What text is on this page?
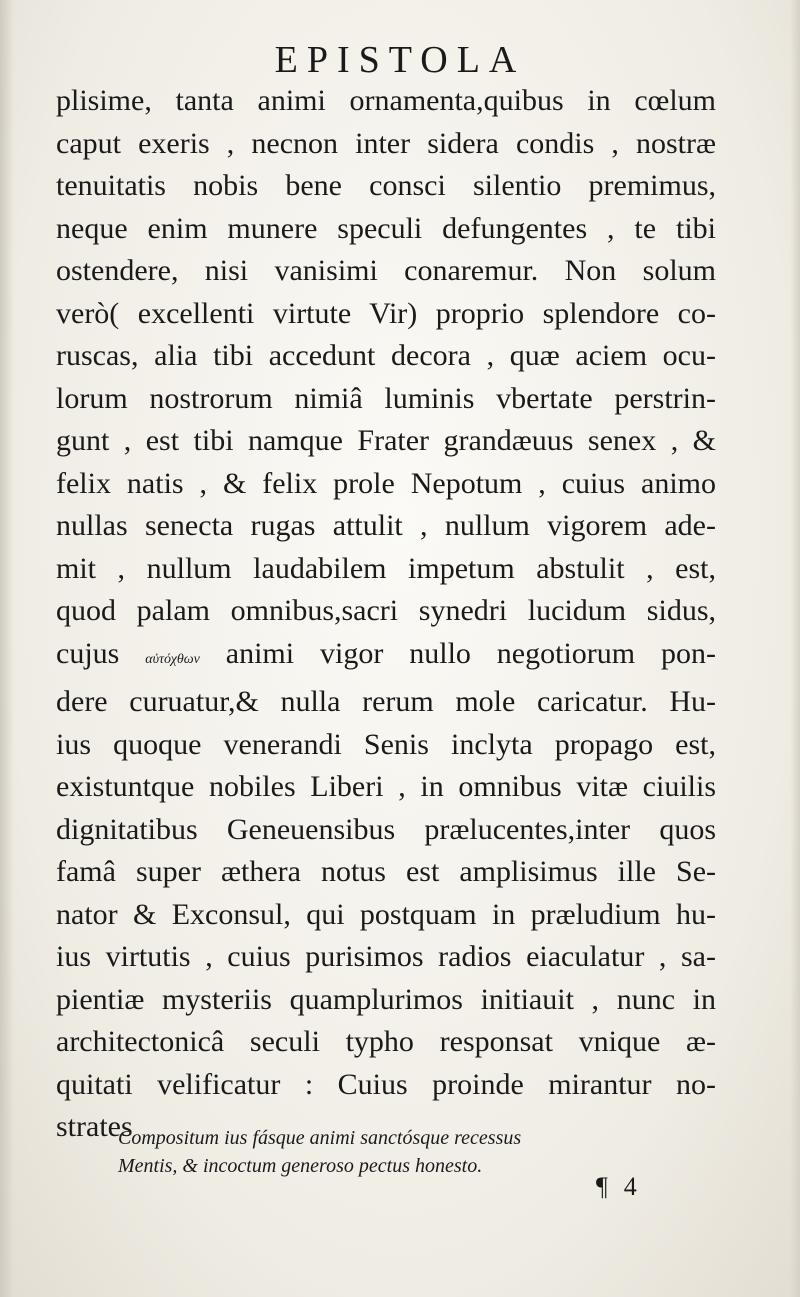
EPISTOLA
plisime, tanta animi ornamenta,quibus in cœlum
caput exeris , necnon inter sidera condis , nostræ
tenuitatis nobis bene consci silentio premimus,
neque enim munere speculi defungentes , te tibi
ostendere, nisi vanisimi conaremur. Non solum
verò( excellenti virtute Vir) proprio splendore co-
ruscas, alia tibi accedunt decora , quæ aciem ocu-
lorum nostrorum nimiâ luminis vbertate perstrin-
gunt , est tibi namque Frater grandæuus senex , &
felix natis , & felix prole Nepotum , cuius animo
nullas senecta rugas attulit , nullum vigorem ade-
mit , nullum laudabilem impetum abstulit , est,
quod palam omnibus,sacri synedri lucidum sidus,
cujus αὐτόχθων animi vigor nullo negotiorum pon-
dere curuatur,& nulla rerum mole caricatur. Hu-
ius quoque venerandi Senis inclyta propago est,
existuntque nobiles Liberi , in omnibus vitæ ciuilis
dignitatibus Geneuensibus prælucentes,inter quos
famâ super æthera notus est amplisimus ille Se-
nator & Exconsul, qui postquam in præludium hu-
ius virtutis , cuius purisimos radios eiaculatur , sa-
pientiæ mysteriis quamplurimos initiauit , nunc in
architectonicâ seculi typho responsat vnique æ-
quitati velificatur : Cuius proinde mirantur no-
strates
Compositum ius fásque animi sanctósque recessus
Mentis, & incoctum generoso pectus honesto.
¶ 4
